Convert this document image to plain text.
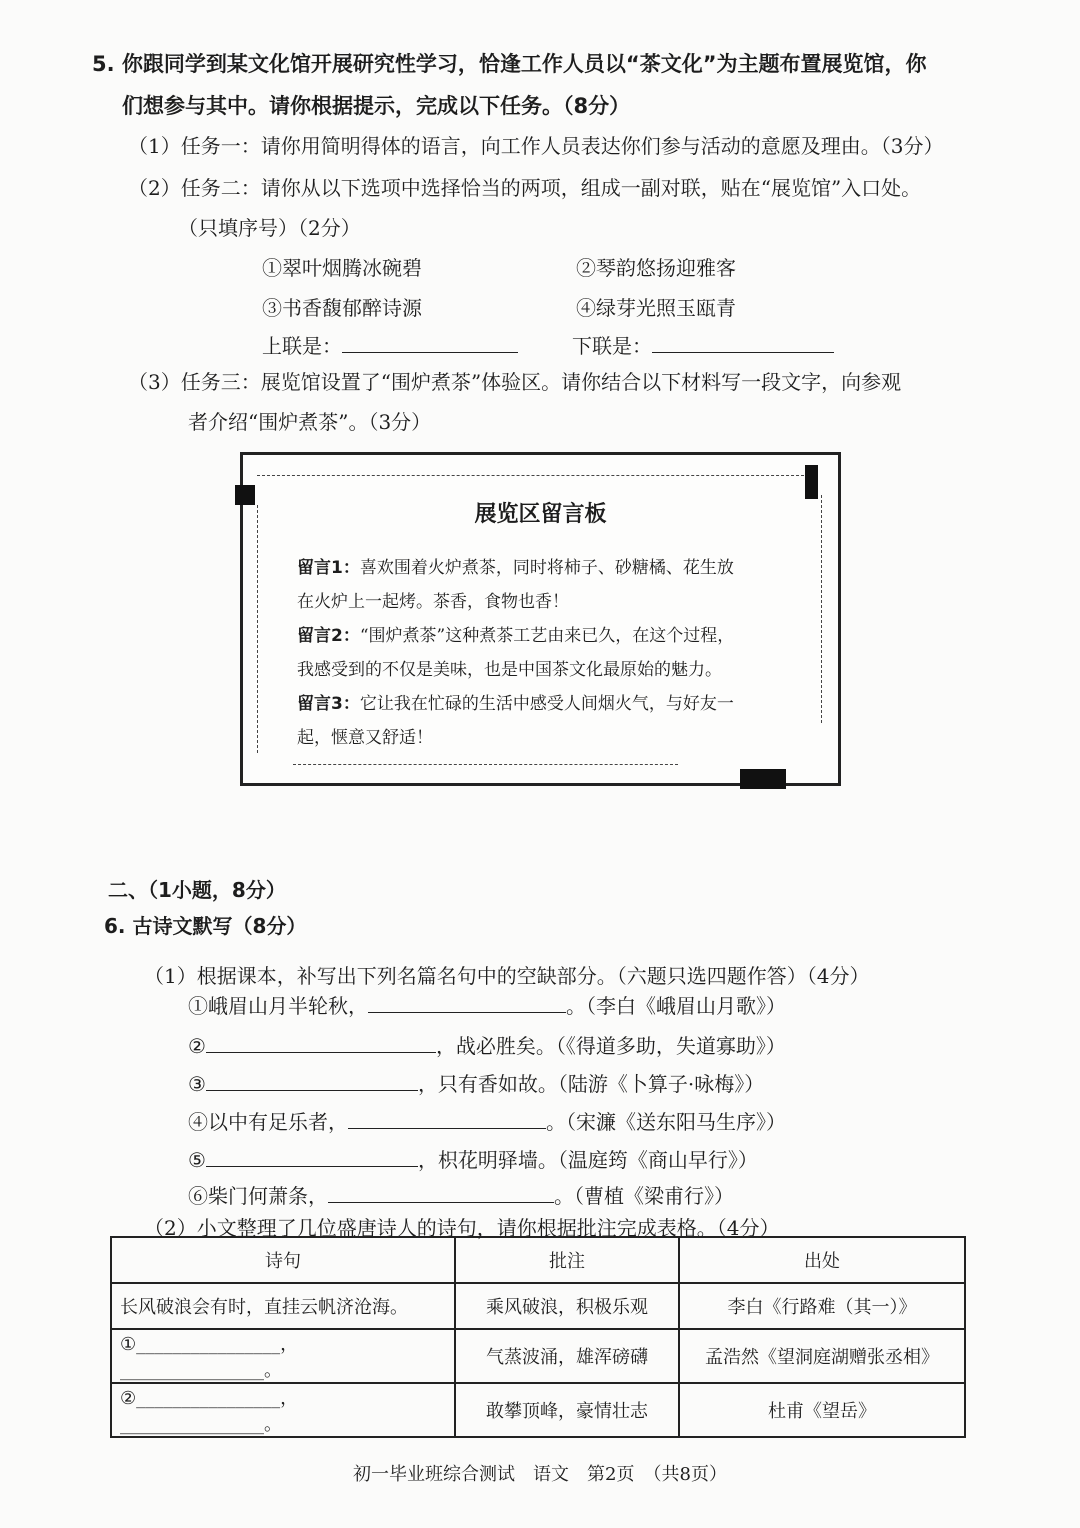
5. 你跟同学到某文化馆开展研究性学习，恰逢工作人员以“茶文化”为主题布置展览馆，你
们想参与其中。请你根据提示，完成以下任务。（8分）
（1）任务一：请你用简明得体的语言，向工作人员表达你们参与活动的意愿及理由。（3分）
（2）任务二：请你从以下选项中选择恰当的两项，组成一副对联，贴在“展览馆”入口处。
（只填序号）（2分）
①翠叶烟腾冰碗碧	②琴韵悠扬迎雅客
③书香馥郁醉诗源	④绿芽光照玉瓯青
上联是：	下联是：
（3）任务三：展览馆设置了“围炉煮茶”体验区。请你结合以下材料写一段文字，向参观
者介绍“围炉煮茶”。（3分）
展览区留言板
留言1：喜欢围着火炉煮茶，同时将柿子、砂糖橘、花生放
在火炉上一起烤。茶香，食物也香！
留言2：“围炉煮茶”这种煮茶工艺由来已久，在这个过程，
我感受到的不仅是美味，也是中国茶文化最原始的魅力。
留言3：它让我在忙碌的生活中感受人间烟火气，与好友一
起，惬意又舒适！
二、（1小题，8分）
6. 古诗文默写（8分）
（1）根据课本，补写出下列名篇名句中的空缺部分。（六题只选四题作答）（4分）
①峨眉山月半轮秋，	。（李白《峨眉山月歌》）
②	，战必胜矣。（《得道多助，失道寡助》）
③	，只有香如故。（陆游《卜算子·咏梅》）
④以中有足乐者，	。（宋濂《送东阳马生序》）
⑤	，枳花明驿墙。（温庭筠《商山早行》）
⑥柴门何萧条，	。（曹植《梁甫行》）
（2）小文整理了几位盛唐诗人的诗句，请你根据批注完成表格。（4分）
诗句	批注	出处
长风破浪会有时，直挂云帆济沧海。	乘风破浪，积极乐观	李白《行路难（其一）》
①________________，________________。	气蒸波涌，雄浑磅礴	孟浩然《望洞庭湖赠张丞相》
②________________，________________。	敢攀顶峰，豪情壮志	杜甫《望岳》
初一毕业班综合测试　语文　第2页　（共8页）
